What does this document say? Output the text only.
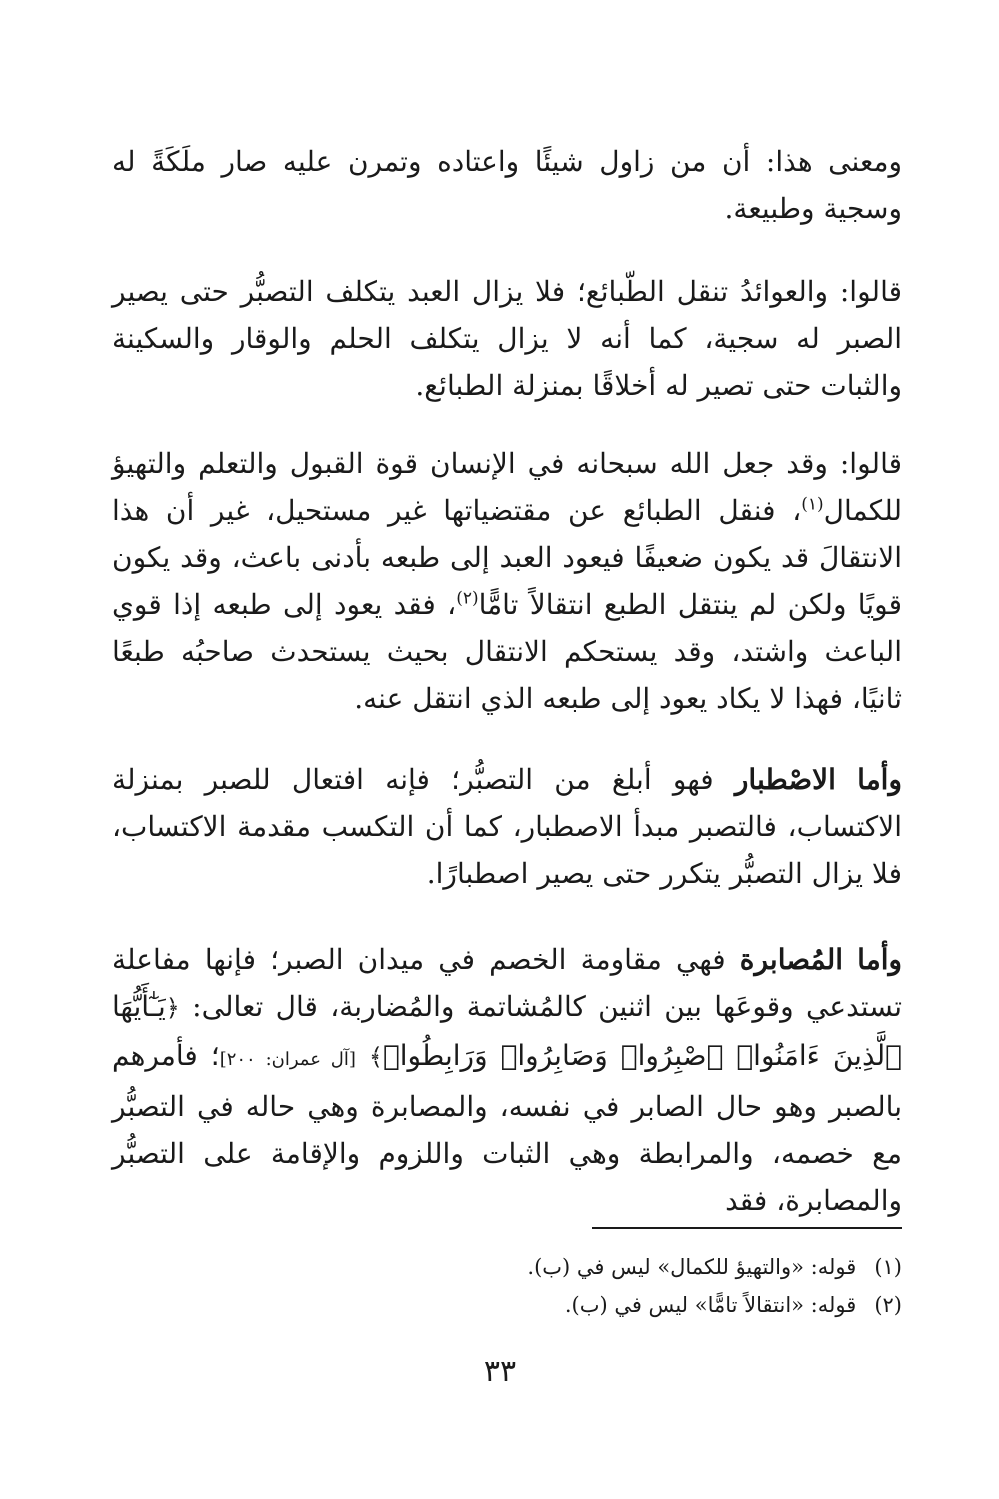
ومعنى هذا: أن من زاول شيئًا واعتاده وتمرن عليه صار ملَكَةً له وسجية وطبيعة.

قالوا: والعوائدُ تنقل الطّبائع؛ فلا يزال العبد يتكلف التصبُّر حتى يصير الصبر له سجية، كما أنه لا يزال يتكلف الحلم والوقار والسكينة والثبات حتى تصير له أخلاقًا بمنزلة الطبائع.

قالوا: وقد جعل الله سبحانه في الإنسان قوة القبول والتعلم والتهيؤ للكمال$^{(١)}$، فنقل الطبائع عن مقتضياتها غير مستحيل، غير أن هذا الانتقالَ قد يكون ضعيفًا فيعود العبد إلى طبعه بأدنى باعث، وقد يكون قويًا ولكن لم ينتقل الطبع انتقالاً تامًّا$^{(٢)}$، فقد يعود إلى طبعه إذا قوي الباعث واشتد، وقد يستحكم الانتقال بحيث يستحدث صاحبُه طبعًا ثانيًا، فهذا لا يكاد يعود إلى طبعه الذي انتقل عنه.

وأما الاصْطبار فهو أبلغ من التصبُّر؛ فإنه افتعال للصبر بمنزلة الاكتساب، فالتصبر مبدأ الاصطبار، كما أن التكسب مقدمة الاكتساب، فلا يزال التصبُّر يتكرر حتى يصير اصطبارًا.

وأما المُصابرة فهي مقاومة الخصم في ميدان الصبر؛ فإنها مفاعلة تستدعي وقوعَها بين اثنين كالمُشاتمة والمُضاربة، قال تعالى: ﴿يَـٰٓأَيُّهَا ٱلَّذِينَ ءَامَنُوا۟ ٱصْبِرُوا۟ وَصَابِرُوا۟ وَرَابِطُوا۟﴾ [آل عمران: ٢٠٠]؛ فأمرهم بالصبر وهو حال الصابر في نفسه، والمصابرة وهي حاله في التصبُّر مع خصمه، والمرابطة وهي الثبات واللزوم والإقامة على التصبُّر والمصابرة، فقد

(١)قوله: «والتهيؤ للكمال» ليس في (ب).

(٢)قوله: «انتقالاً تامًّا» ليس في (ب).

٣٣
